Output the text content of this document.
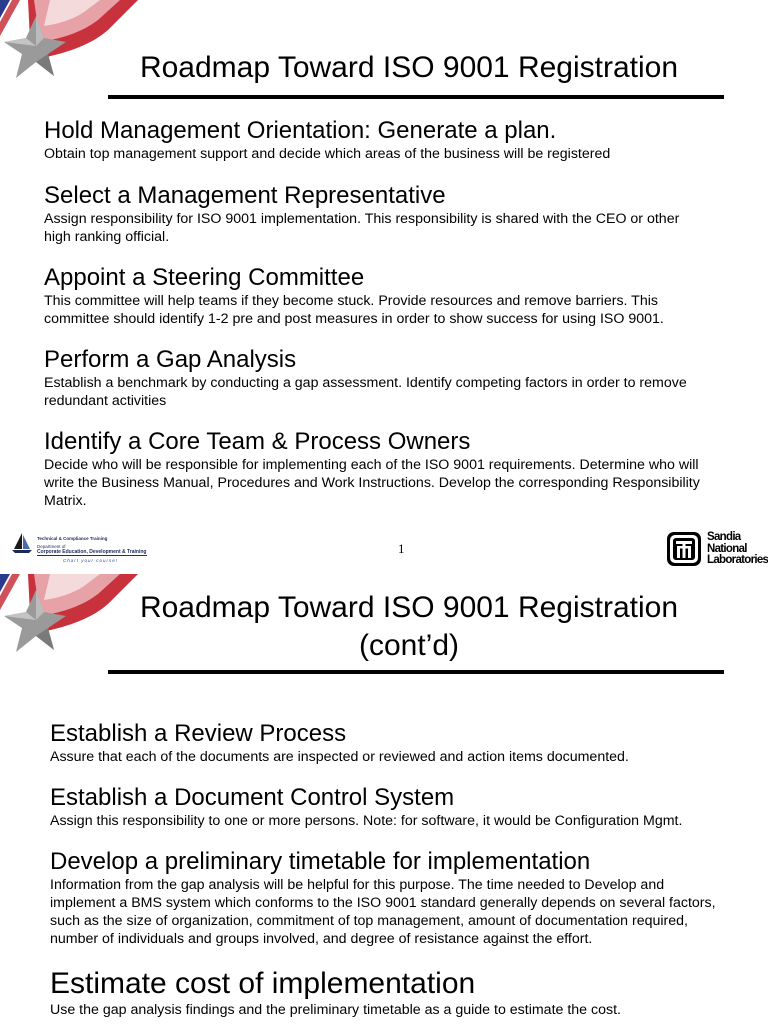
Roadmap Toward ISO 9001 Registration
Hold Management Orientation: Generate a plan.

Obtain top management support and decide which areas of the business will be registered

Select a Management Representative

Assign responsibility for ISO 9001 implementation. This responsibility is shared with the CEO or other high ranking official.

Appoint a Steering Committee

This committee will help teams if they become stuck. Provide resources and remove barriers. This committee should identify 1-2 pre and post measures in order to show success for using ISO 9001.

Perform a Gap Analysis

Establish a benchmark by conducting a gap assessment. Identify competing factors in order to remove redundant activities

Identify a Core Team & Process Owners

Decide who will be responsible for implementing each of the ISO 9001 requirements. Determine who will write the Business Manual, Procedures and Work Instructions. Develop the corresponding Responsibility Matrix.

Technical & Compliance Training
Department of
Corporate Education, Development & Training
Chart your course!
1
Sandia
National
Laboratories
Roadmap Toward ISO 9001 Registration
(cont’d)
Establish a Review Process

Assure that each of the documents are inspected or reviewed and action items documented.

Establish a Document Control System

Assign this responsibility to one or more persons. Note: for software, it would be Configuration Mgmt.

Develop a preliminary timetable for implementation

Information from the gap analysis will be helpful for this purpose. The time needed to Develop and implement a BMS system which conforms to the ISO 9001 standard generally depends on several factors, such as the size of organization, commitment of top management, amount of documentation required, number of individuals and groups involved, and degree of resistance against the effort.

Estimate cost of implementation

Use the gap analysis findings and the preliminary timetable as a guide to estimate the cost.
